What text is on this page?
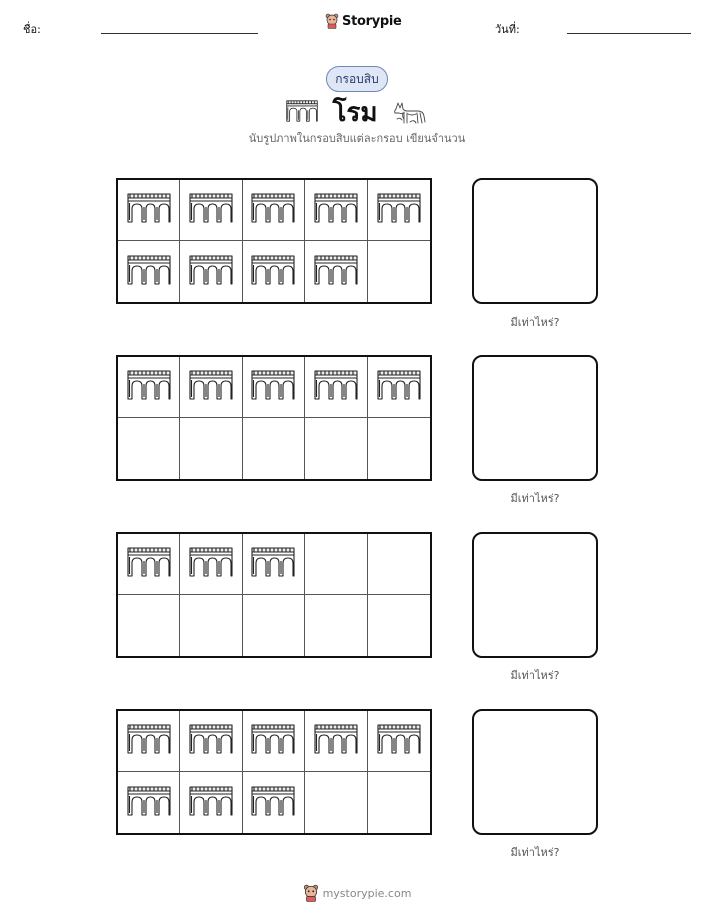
ชื่อ:
Storypie
วันที่:
กรอบสิบ
โรม
นับรูปภาพในกรอบสิบแต่ละกรอบ เขียนจำนวน
มีเท่าไหร่?
มีเท่าไหร่?
มีเท่าไหร่?
มีเท่าไหร่?
mystorypie.com
